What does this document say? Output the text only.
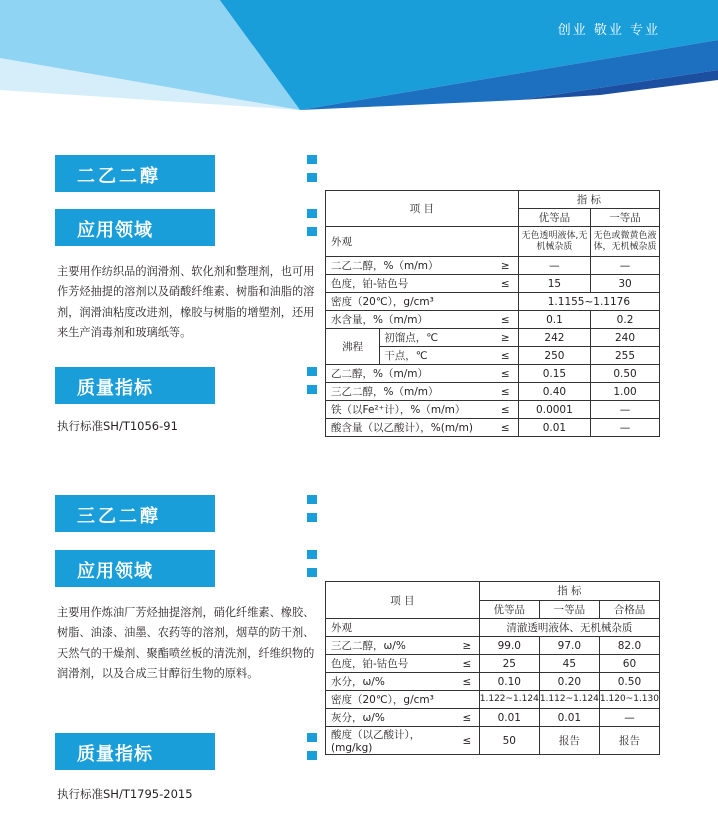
创业 敬业 专业
二乙二醇
应用领域
主要用作纺织品的润滑剂、软化剂和整理剂，也可用作芳烃抽提的溶剂以及硝酸纤维素、树脂和油脂的溶剂，润滑油粘度改进剂，橡胶与树脂的增塑剂，还用来生产消毒剂和玻璃纸等。
质量指标
执行标准SH/T1056-91
项 目			指 标	
			优等品	一等品
外观			无色透明液体,无机械杂质	无色或微黄色液体，无机械杂质
二乙二醇，%（m/m）		≥	—	—
色度，铂-钴色号		≤	15	30
密度（20℃），g/cm³			1.1155~1.1176	
水含量，%（m/m）		≤	0.1	0.2
沸程	初馏点，℃	≥	242	240
	干点，℃	≤	250	255
乙二醇，%（m/m）		≤	0.15	0.50
三乙二醇，%（m/m）		≤	0.40	1.00
铁（以Fe²⁺计），%（m/m）		≤	0.0001	—
酸含量（以乙酸计），%(m/m)		≤	0.01	—
三乙二醇
应用领域
主要用作炼油厂芳烃抽提溶剂，硝化纤维素、橡胶、树脂、油漆、油墨、农药等的溶剂，烟草的防干剂、天然气的干燥剂、聚酯喷丝板的清洗剂，纤维织物的润滑剂，以及合成三甘醇衍生物的原料。
质量指标
执行标准SH/T1795-2015
项 目		指 标		
		优等品	一等品	合格品
外观		清澈透明液体、无机械杂质		
三乙二醇，ω/%	≥	99.0	97.0	82.0
色度，铂-钴色号	≤	25	45	60
水分，ω/%	≤	0.10	0.20	0.50
密度（20℃），g/cm³		1.122~1.124	1.112~1.124	1.120~1.130
灰分，ω/%	≤	0.01	0.01	—
酸度（以乙酸计），(mg/kg)	≤	50	报告	报告
